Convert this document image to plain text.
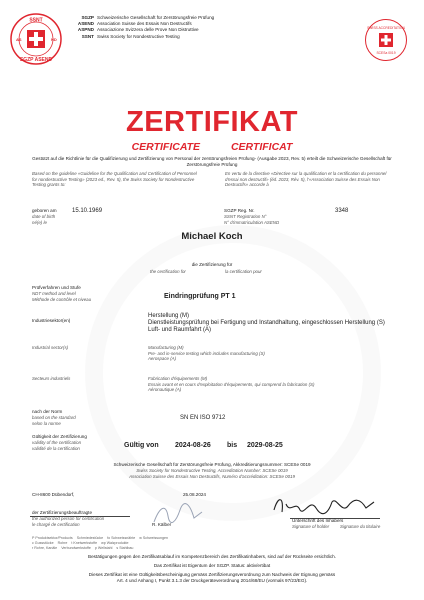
SSNT
SGZP ASEND
AS	ND
SGZP Schweizerische Gesellschaft für Zerstörungsfreie Prüfung
ASEND Association Suisse des Essais Non Destructifs
ASPND Associazione Svizzera delle Prove Non Distruttive
SSNT Swiss Society for Nondestructive Testing
SWISS ACCREDITATION
SCESa 0019
ZERTIFIKAT
CERTIFICATE CERTIFICAT
Gestützt auf die Richtlinie für die Qualifizierung und Zertifizierung von Personal der zerstörungsfreien Prüfung- (Ausgabe 2023, Rev. 5) erteilt die Schweizerische Gesellschaft für Zerstörungsfreie Prüfung
Based on the guideline «Guideline for the Qualification and Certification of Personnel for nondestructive Testing» (2023 ed., Rev. 5), the Swiss Society for Nondestructive Testing grants to:
En vertu de la directive «Directive sur la qualification et la certification du personnel d'essai non destructif» (éd. 2023, Rév. 5), l'«Association Suisse des Essais Non Destructifs» accorde à
geboren am
date of birth
né(e) le
15.10.1969	SGZP Reg. Nr.
SSNT Registration N°
N° d'immatriculation ASEND
3348
Michael Koch
die Zertifizierung für
the certification for	la certification pour
Prüfverfahren und Stufe
NDT method and level
Méthode de contrôle et niveau	Eindringprüfung PT 1
Industriesektor(en)
Herstellung (M)
Dienstleistungsprüfung bei Fertigung und Instandhaltung, eingeschlossen Herstellung (S)
Luft- und Raumfahrt (A)
Industrial sector(s)	Manufacturing (M)
Pre- and in-service testing which includes manufacturing (S)
Aerospace (A)
Secteurs industriels	Fabrication d'équipements (M)
Essais avant et en cours d'exploitation d'équipements, qui comprend la fabrication (S)
Aéronautique (A)
nach der Norm
based on the standard
selon la norme
SN EN ISO 9712
Gültigkeit der Zertifizierung
validity of the certification
validité de la certification	Gültig von 2024-08-26 bis 2029-08-25
Schweizerische Gesellschaft für Zerstörungsfreie Prüfung, Akkreditierungsnummer: SCESe 0019
Swiss Society for Nondestructive Testing, Accreditation Number: SCESe 0019
Association Suisse des Essais Non Destructifs, Numéro d'accréditation: SCESe 0019
CH-8600 Dübendorf,	25.08.2024
der Zertifizierungsbeauftragte
the authorized person for certification
le chargé de certification	R. Kälber
Unterschrift des Inhabers
Signature of holder	Signature du titulaire
P Produktsektor/Products Schmiedestücke fo Schweissnähte w Schweissungen
c Gussstücke Rohre t Knetwerkstoffe wp Walzprodukte
r Rohre, Kanäle Verbundwerkstoffe p Wellstahl s Stahlbau
Bestätigungen gegen den Zertifikatsablauf im Kompetenzbereich des Zertifikatinhabers, sind auf der Rückseite ersichtlich.
Das Zertifikat ist Eigentum der SGZP. Status: aktiv/ertibat
Dieses Zertifikat ist eine Gültigkeitsbescheinigung gemäss Zertifizierungsverordnung zum Nachweis der Eignung gemäss
Art. 4 und Anhang I, Punkt 3.1.3 der Druckgeräteverordnung 2014/68/EU (vormals 97/23/EG).
